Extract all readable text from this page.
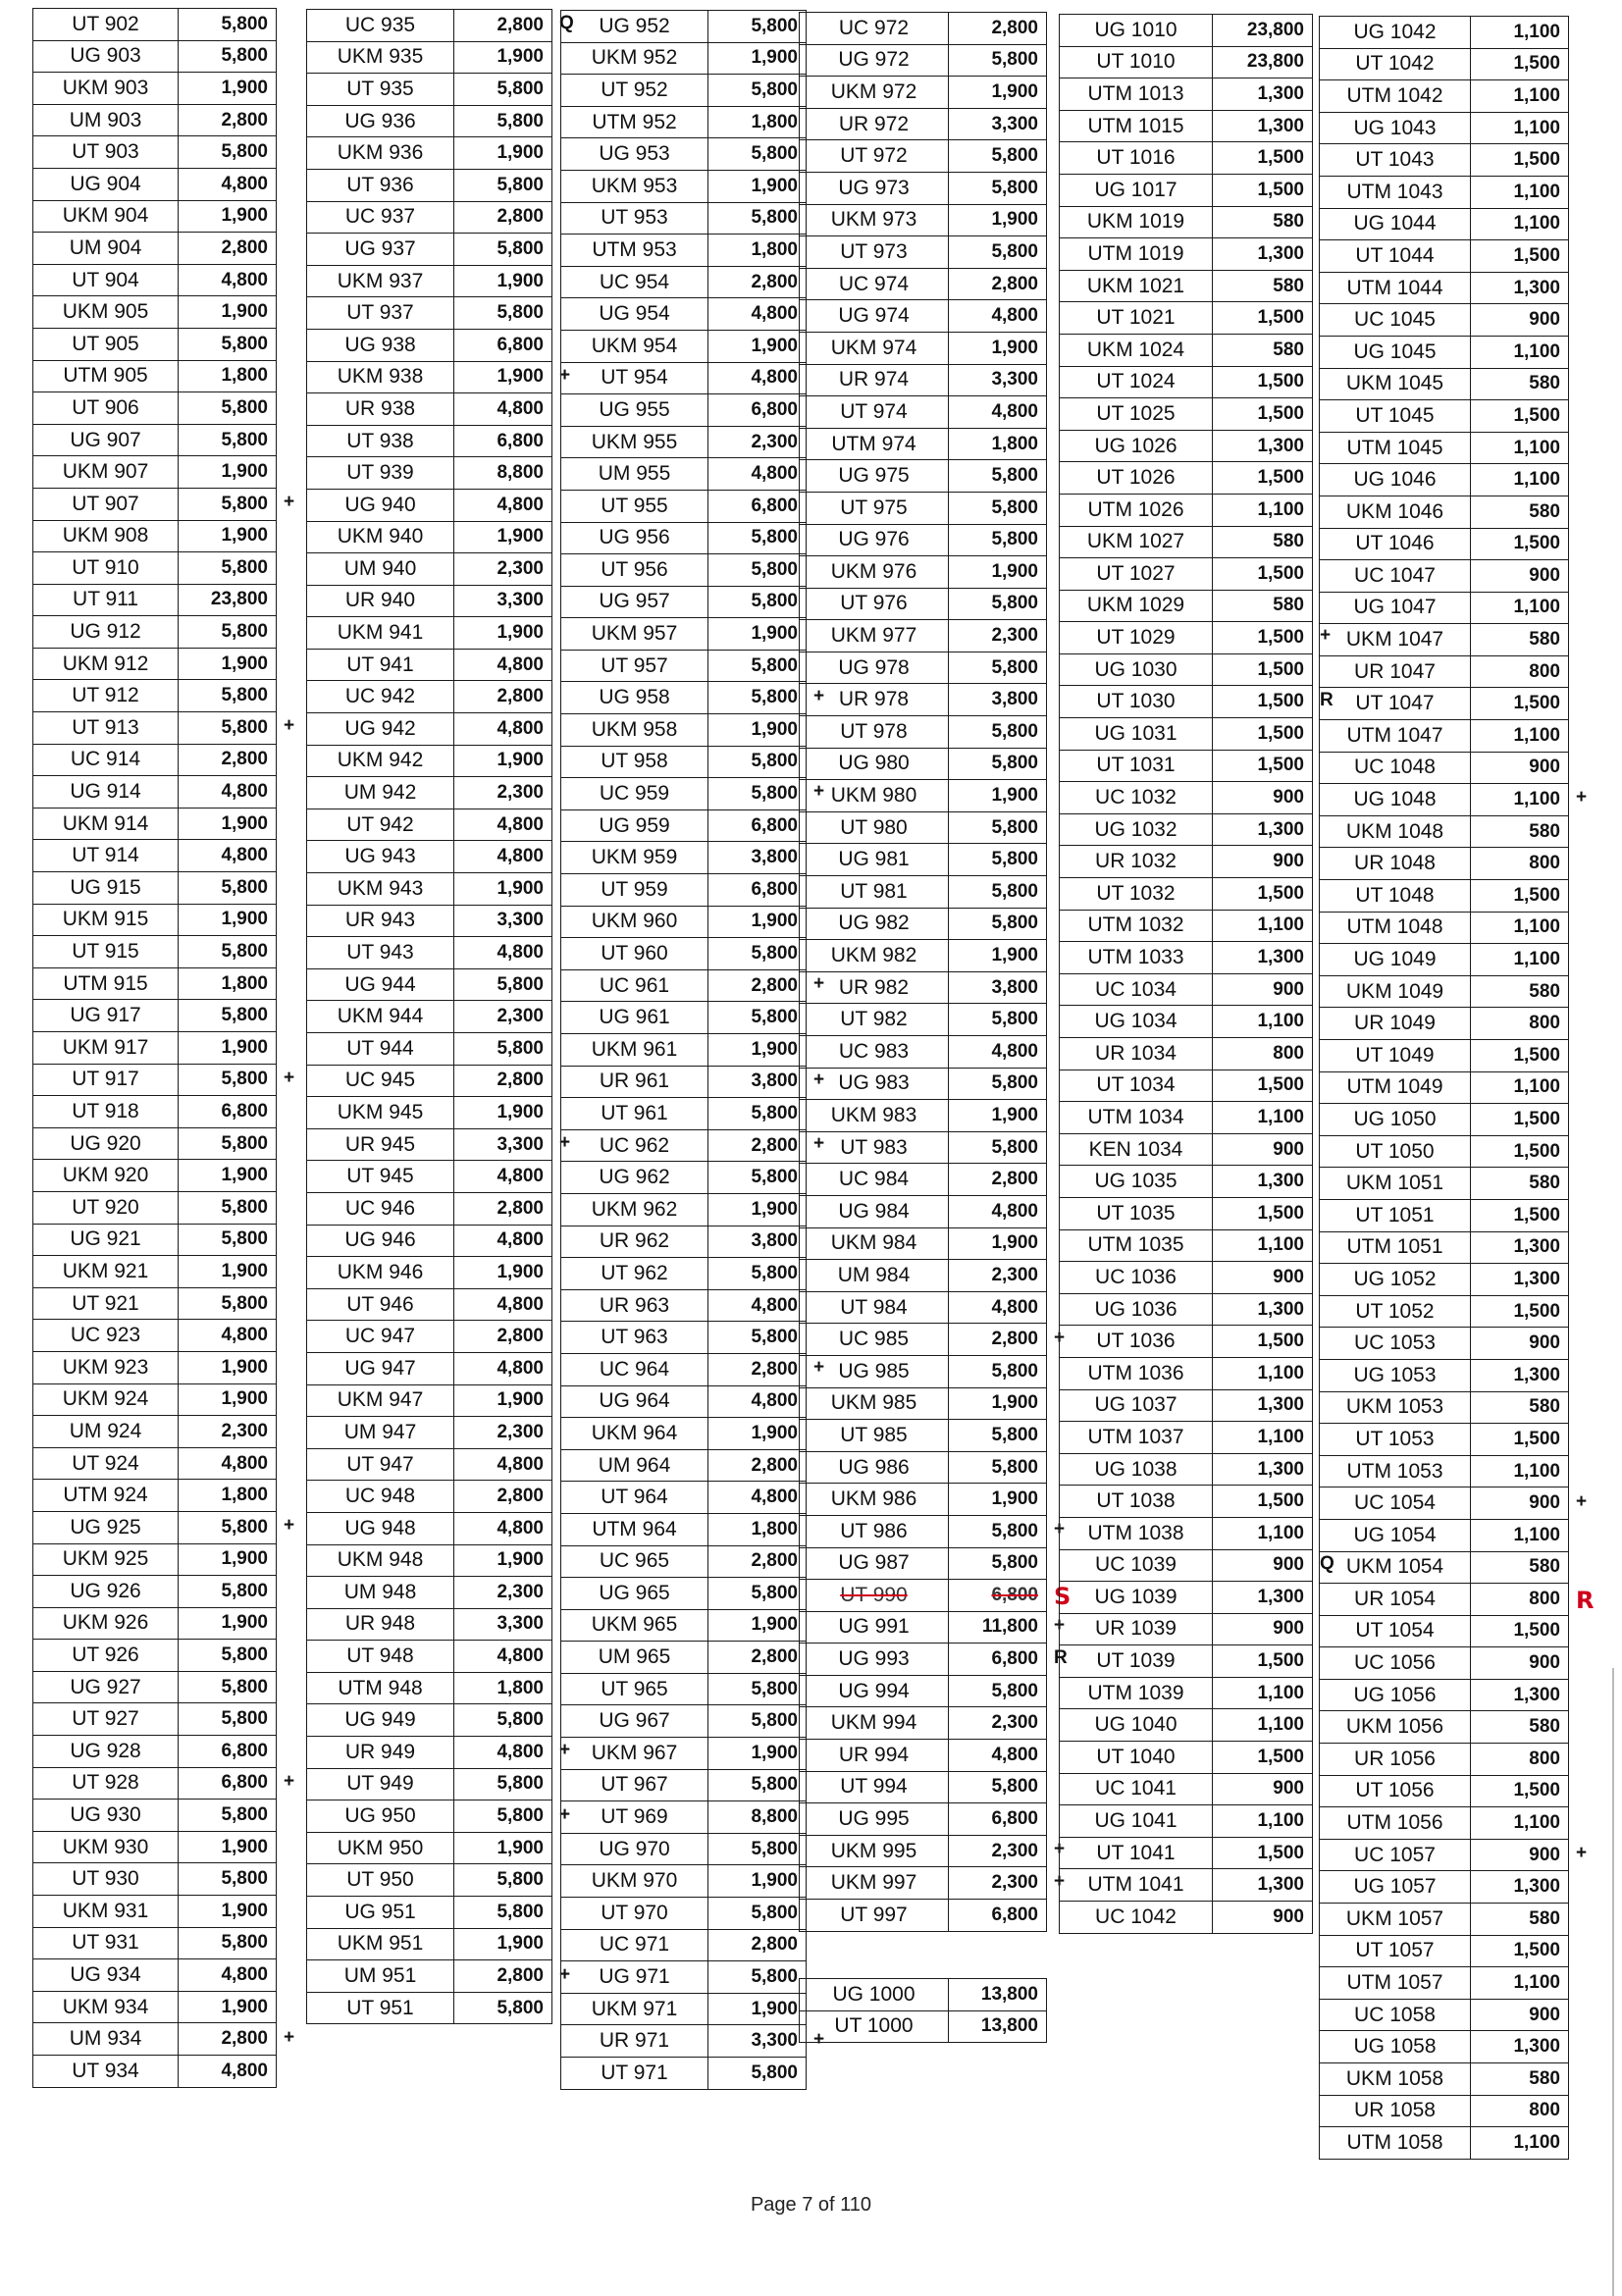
+
+
+
+
+
+
UT 902	5,800
UG 903	5,800
UKM 903	1,900
UM 903	2,800
UT 903	5,800
UG 904	4,800
UKM 904	1,900
UM 904	2,800
UT 904	4,800
UKM 905	1,900
UT 905	5,800
UTM 905	1,800
UT 906	5,800
UG 907	5,800
UKM 907	1,900
UT 907	5,800
UKM 908	1,900
UT 910	5,800
UT 911	23,800
UG 912	5,800
UKM 912	1,900
UT 912	5,800
UT 913	5,800
UC 914	2,800
UG 914	4,800
UKM 914	1,900
UT 914	4,800
UG 915	5,800
UKM 915	1,900
UT 915	5,800
UTM 915	1,800
UG 917	5,800
UKM 917	1,900
UT 917	5,800
UT 918	6,800
UG 920	5,800
UKM 920	1,900
UT 920	5,800
UG 921	5,800
UKM 921	1,900
UT 921	5,800
UC 923	4,800
UKM 923	1,900
UKM 924	1,900
UM 924	2,300
UT 924	4,800
UTM 924	1,800
UG 925	5,800
UKM 925	1,900
UG 926	5,800
UKM 926	1,900
UT 926	5,800
UG 927	5,800
UT 927	5,800
UG 928	6,800
UT 928	6,800
UG 930	5,800
UKM 930	1,900
UT 930	5,800
UKM 931	1,900
UT 931	5,800
UG 934	4,800
UKM 934	1,900
UM 934	2,800
UT 934	4,800
Q
+
+
+
+
+
UC 935	2,800
UKM 935	1,900
UT 935	5,800
UG 936	5,800
UKM 936	1,900
UT 936	5,800
UC 937	2,800
UG 937	5,800
UKM 937	1,900
UT 937	5,800
UG 938	6,800
UKM 938	1,900
UR 938	4,800
UT 938	6,800
UT 939	8,800
UG 940	4,800
UKM 940	1,900
UM 940	2,300
UR 940	3,300
UKM 941	1,900
UT 941	4,800
UC 942	2,800
UG 942	4,800
UKM 942	1,900
UM 942	2,300
UT 942	4,800
UG 943	4,800
UKM 943	1,900
UR 943	3,300
UT 943	4,800
UG 944	5,800
UKM 944	2,300
UT 944	5,800
UC 945	2,800
UKM 945	1,900
UR 945	3,300
UT 945	4,800
UC 946	2,800
UG 946	4,800
UKM 946	1,900
UT 946	4,800
UC 947	2,800
UG 947	4,800
UKM 947	1,900
UM 947	2,300
UT 947	4,800
UC 948	2,800
UG 948	4,800
UKM 948	1,900
UM 948	2,300
UR 948	3,300
UT 948	4,800
UTM 948	1,800
UG 949	5,800
UR 949	4,800
UT 949	5,800
UG 950	5,800
UKM 950	1,900
UT 950	5,800
UG 951	5,800
UKM 951	1,900
UM 951	2,800
UT 951	5,800
+
+
+
+
+
+
+
UG 952	5,800
UKM 952	1,900
UT 952	5,800
UTM 952	1,800
UG 953	5,800
UKM 953	1,900
UT 953	5,800
UTM 953	1,800
UC 954	2,800
UG 954	4,800
UKM 954	1,900
UT 954	4,800
UG 955	6,800
UKM 955	2,300
UM 955	4,800
UT 955	6,800
UG 956	5,800
UT 956	5,800
UG 957	5,800
UKM 957	1,900
UT 957	5,800
UG 958	5,800
UKM 958	1,900
UT 958	5,800
UC 959	5,800
UG 959	6,800
UKM 959	3,800
UT 959	6,800
UKM 960	1,900
UT 960	5,800
UC 961	2,800
UG 961	5,800
UKM 961	1,900
UR 961	3,800
UT 961	5,800
UC 962	2,800
UG 962	5,800
UKM 962	1,900
UR 962	3,800
UT 962	5,800
UR 963	4,800
UT 963	5,800
UC 964	2,800
UG 964	4,800
UKM 964	1,900
UM 964	2,800
UT 964	4,800
UTM 964	1,800
UC 965	2,800
UG 965	5,800
UKM 965	1,900
UM 965	2,800
UT 965	5,800
UG 967	5,800
UKM 967	1,900
UT 967	5,800
UT 969	8,800
UG 970	5,800
UKM 970	1,900
UT 970	5,800
UC 971	2,800
UG 971	5,800
UKM 971	1,900
UR 971	3,300
UT 971	5,800
+
+
S
+
R
+
+
UC 972	2,800
UG 972	5,800
UKM 972	1,900
UR 972	3,300
UT 972	5,800
UG 973	5,800
UKM 973	1,900
UT 973	5,800
UC 974	2,800
UG 974	4,800
UKM 974	1,900
UR 974	3,300
UT 974	4,800
UTM 974	1,800
UG 975	5,800
UT 975	5,800
UG 976	5,800
UKM 976	1,900
UT 976	5,800
UKM 977	2,300
UG 978	5,800
UR 978	3,800
UT 978	5,800
UG 980	5,800
UKM 980	1,900
UT 980	5,800
UG 981	5,800
UT 981	5,800
UG 982	5,800
UKM 982	1,900
UR 982	3,800
UT 982	5,800
UC 983	4,800
UG 983	5,800
UKM 983	1,900
UT 983	5,800
UC 984	2,800
UG 984	4,800
UKM 984	1,900
UM 984	2,300
UT 984	4,800
UC 985	2,800
UG 985	5,800
UKM 985	1,900
UT 985	5,800
UG 986	5,800
UKM 986	1,900
UT 986	5,800
UG 987	5,800
UT 990	6,800
UG 991	11,800
UG 993	6,800
UG 994	5,800
UKM 994	2,300
UR 994	4,800
UT 994	5,800
UG 995	6,800
UKM 995	2,300
UKM 997	2,300
UT 997	6,800
UG 1000	13,800
UT 1000	13,800
+
R
Q
UG 1010	23,800
UT 1010	23,800
UTM 1013	1,300
UTM 1015	1,300
UT 1016	1,500
UG 1017	1,500
UKM 1019	580
UTM 1019	1,300
UKM 1021	580
UT 1021	1,500
UKM 1024	580
UT 1024	1,500
UT 1025	1,500
UG 1026	1,300
UT 1026	1,500
UTM 1026	1,100
UKM 1027	580
UT 1027	1,500
UKM 1029	580
UT 1029	1,500
UG 1030	1,500
UT 1030	1,500
UG 1031	1,500
UT 1031	1,500
UC 1032	900
UG 1032	1,300
UR 1032	900
UT 1032	1,500
UTM 1032	1,100
UTM 1033	1,300
UC 1034	900
UG 1034	1,100
UR 1034	800
UT 1034	1,500
UTM 1034	1,100
KEN 1034	900
UG 1035	1,300
UT 1035	1,500
UTM 1035	1,100
UC 1036	900
UG 1036	1,300
UT 1036	1,500
UTM 1036	1,100
UG 1037	1,300
UTM 1037	1,100
UG 1038	1,300
UT 1038	1,500
UTM 1038	1,100
UC 1039	900
UG 1039	1,300
UR 1039	900
UT 1039	1,500
UTM 1039	1,100
UG 1040	1,100
UT 1040	1,500
UC 1041	900
UG 1041	1,100
UT 1041	1,500
UTM 1041	1,300
UC 1042	900
+
+
R
+
UG 1042	1,100
UT 1042	1,500
UTM 1042	1,100
UG 1043	1,100
UT 1043	1,500
UTM 1043	1,100
UG 1044	1,100
UT 1044	1,500
UTM 1044	1,300
UC 1045	900
UG 1045	1,100
UKM 1045	580
UT 1045	1,500
UTM 1045	1,100
UG 1046	1,100
UKM 1046	580
UT 1046	1,500
UC 1047	900
UG 1047	1,100
UKM 1047	580
UR 1047	800
UT 1047	1,500
UTM 1047	1,100
UC 1048	900
UG 1048	1,100
UKM 1048	580
UR 1048	800
UT 1048	1,500
UTM 1048	1,100
UG 1049	1,100
UKM 1049	580
UR 1049	800
UT 1049	1,500
UTM 1049	1,100
UG 1050	1,500
UT 1050	1,500
UKM 1051	580
UT 1051	1,500
UTM 1051	1,300
UG 1052	1,300
UT 1052	1,500
UC 1053	900
UG 1053	1,300
UKM 1053	580
UT 1053	1,500
UTM 1053	1,100
UC 1054	900
UG 1054	1,100
UKM 1054	580
UR 1054	800
UT 1054	1,500
UC 1056	900
UG 1056	1,300
UKM 1056	580
UR 1056	800
UT 1056	1,500
UTM 1056	1,100
UC 1057	900
UG 1057	1,300
UKM 1057	580
UT 1057	1,500
UTM 1057	1,100
UC 1058	900
UG 1058	1,300
UKM 1058	580
UR 1058	800
UTM 1058	1,100
Page 7 of 110
